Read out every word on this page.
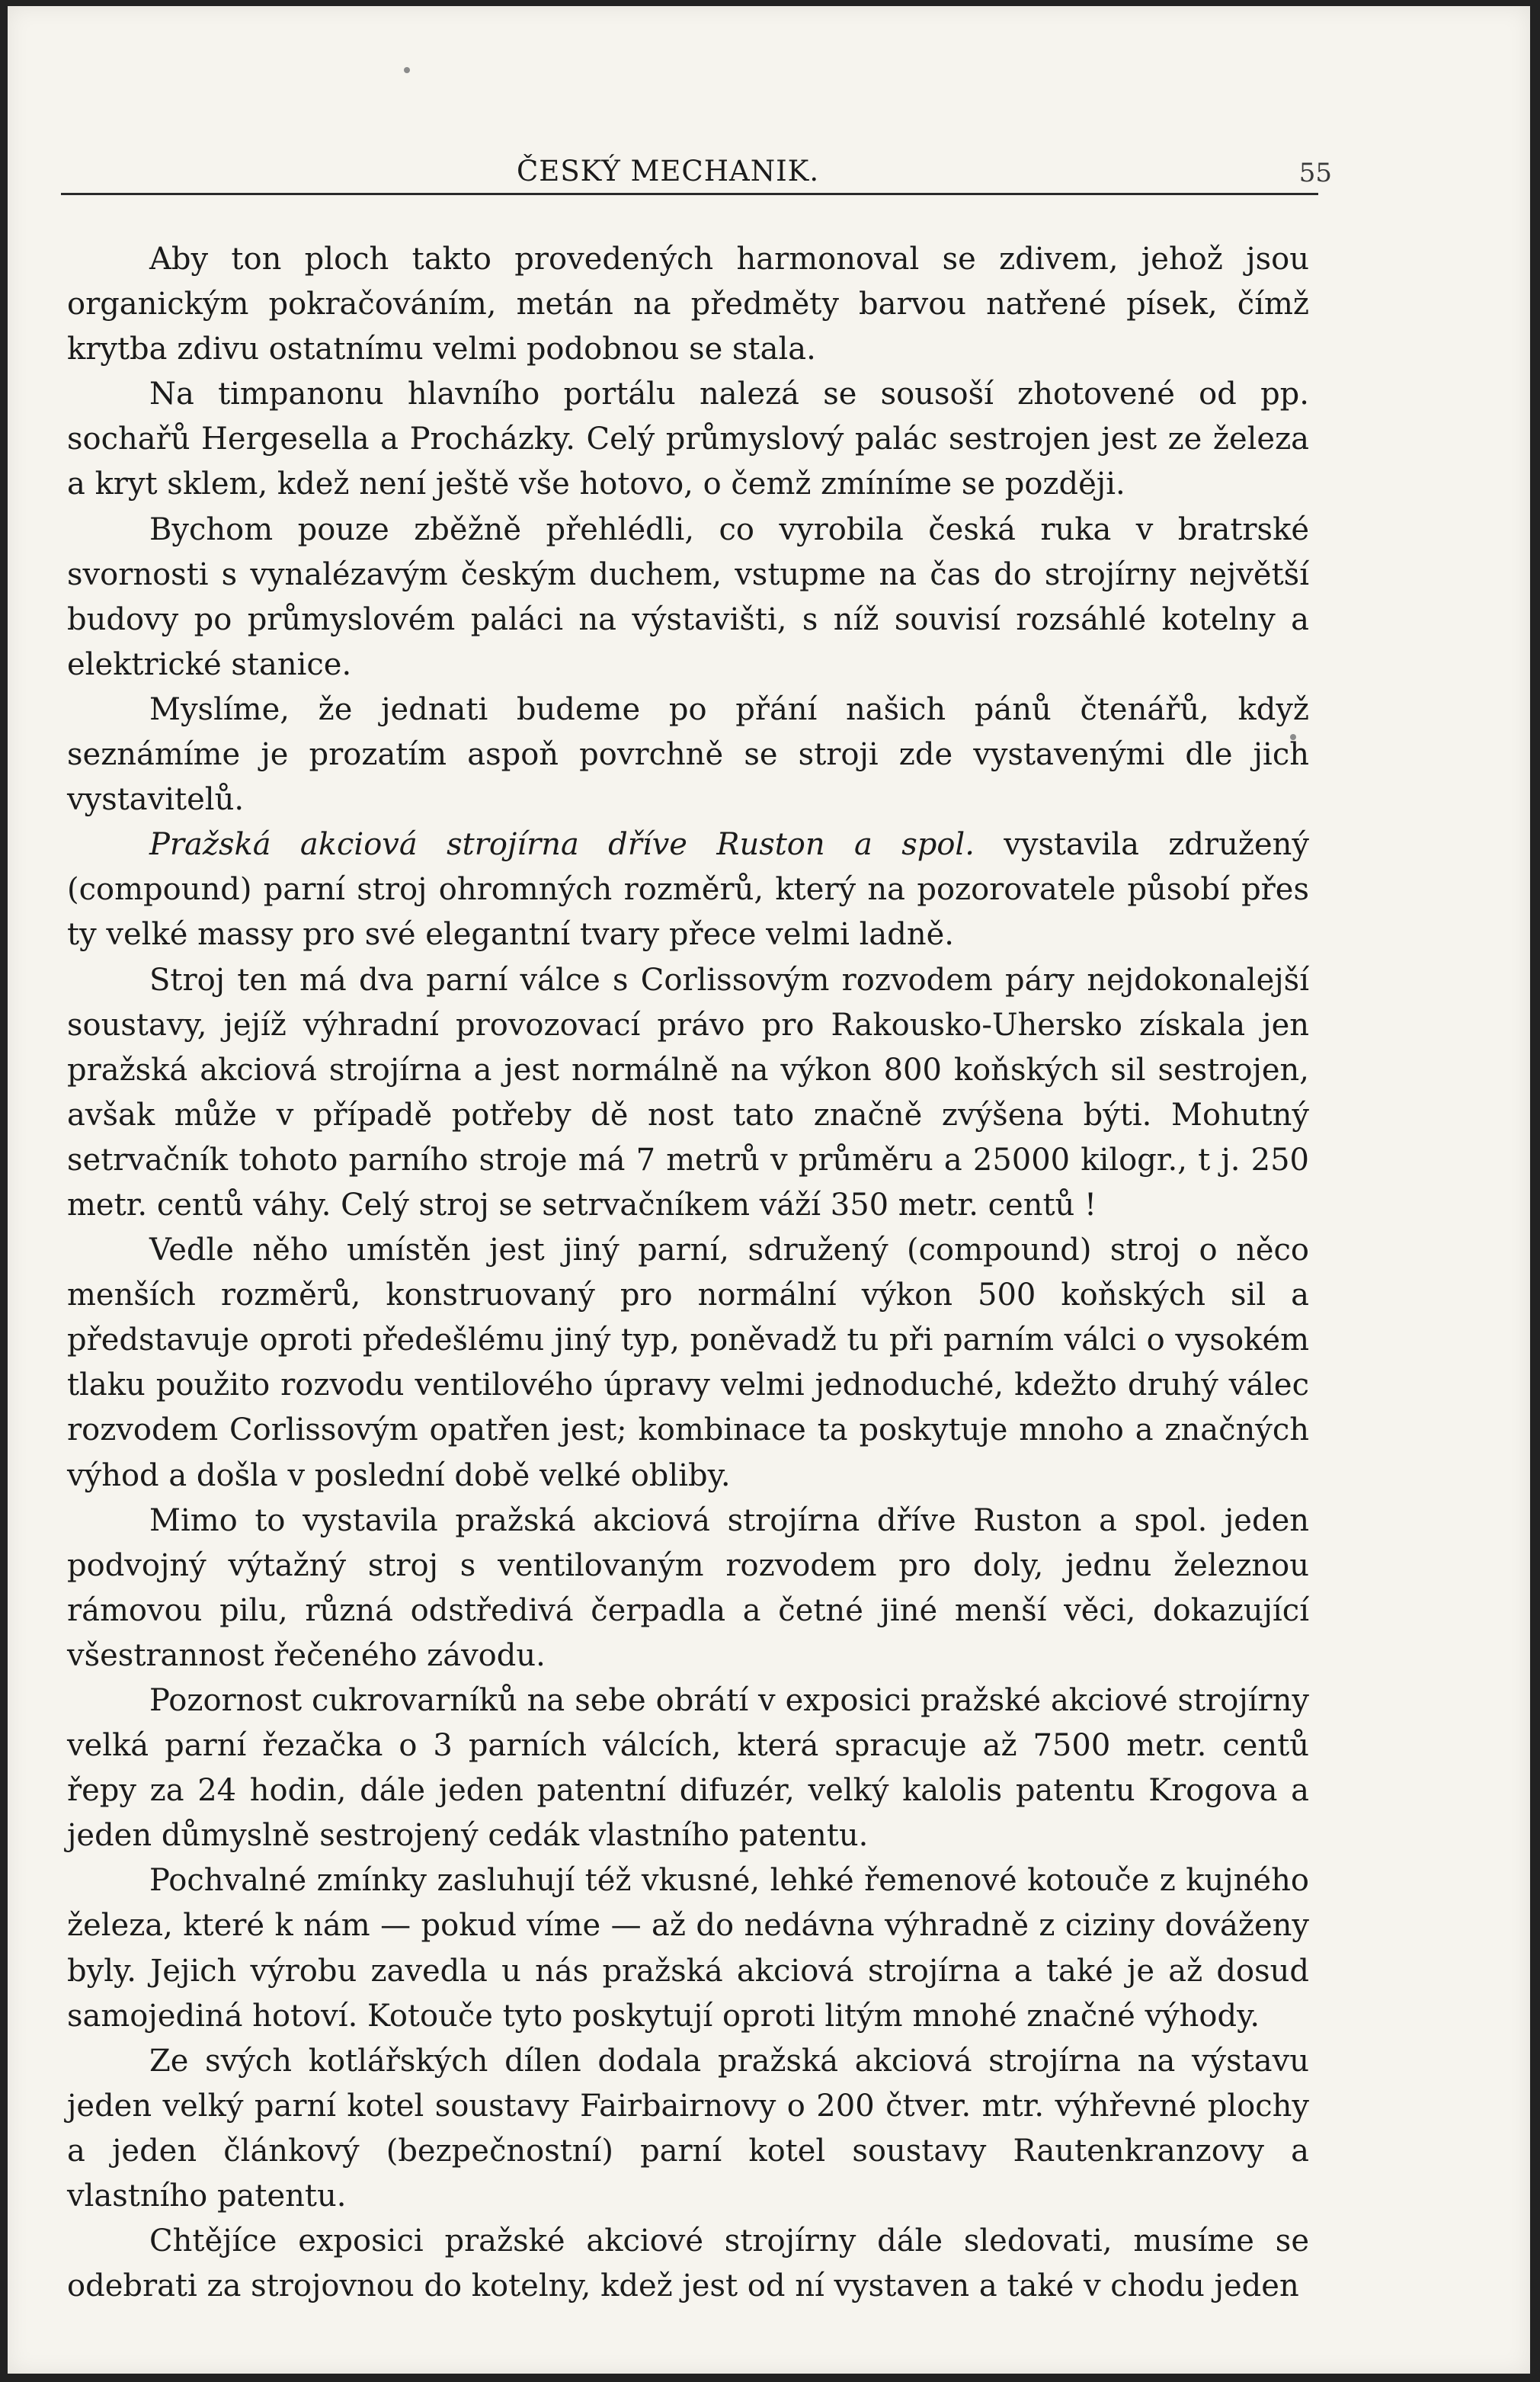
ČESKÝ MECHANIK.	55

Aby ton ploch takto provedených harmonoval se zdivem, jehož jsou organickým pokračováním, metán na předměty barvou natřené písek, čímž krytba zdivu ostatnímu velmi podobnou se stala.

Na timpanonu hlavního portálu nalezá se sousoší zhotovené od pp. sochařů Hergesella a Procházky. Celý průmyslový palác sestrojen jest ze železa a kryt sklem, kdež není ještě vše hotovo, o čemž zmíníme se později.

Bychom pouze zběžně přehlédli, co vyrobila česká ruka v bratrské svornosti s vynalézavým českým duchem, vstupme na čas do strojírny největší budovy po průmyslovém paláci na výstavišti, s níž souvisí rozsáhlé kotelny a elektrické stanice.

Myslíme, že jednati budeme po přání našich pánů čtenářů, když seznámíme je prozatím aspoň povrchně se stroji zde vystavenými dle jich vystavitelů.

Pražská akciová strojírna dříve Ruston a spol. vystavila združený (compound) parní stroj ohromných rozměrů, který na pozorovatele působí přes ty velké massy pro své elegantní tvary přece velmi ladně.

Stroj ten má dva parní válce s Corlissovým rozvodem páry nejdokonalejší soustavy, jejíž výhradní provozovací právo pro Rakousko-Uhersko získala jen pražská akciová strojírna a jest normálně na výkon 800 koňských sil sestrojen, avšak může v případě potřeby dě nost tato značně zvýšena býti. Mohutný setrvačník tohoto parního stroje má 7 metrů v průměru a 25000 kilogr., t j. 250 metr. centů váhy. Celý stroj se setrvačníkem váží 350 metr. centů !

Vedle něho umístěn jest jiný parní, sdružený (compound) stroj o něco menších rozměrů, konstruovaný pro normální výkon 500 koňských sil a představuje oproti předešlému jiný typ, poněvadž tu při parním válci o vysokém tlaku použito rozvodu ventilového úpravy velmi jednoduché, kdežto druhý válec rozvodem Corlissovým opatřen jest; kombinace ta poskytuje mnoho a značných výhod a došla v poslední době velké obliby.

Mimo to vystavila pražská akciová strojírna dříve Ruston a spol. jeden podvojný výtažný stroj s ventilovaným rozvodem pro doly, jednu železnou rámovou pilu, různá odstředivá čerpadla a četné jiné menší věci, dokazující všestrannost řečeného závodu.

Pozornost cukrovarníků na sebe obrátí v exposici pražské akciové strojírny velká parní řezačka o 3 parních válcích, která spracuje až 7500 metr. centů řepy za 24 hodin, dále jeden patentní difuzér, velký kalolis patentu Krogova a jeden důmyslně sestrojený cedák vlastního patentu.

Pochvalné zmínky zasluhují též vkusné, lehké řemenové kotouče z kujného železa, které k nám — pokud víme — až do nedávna výhradně z ciziny dováženy byly. Jejich výrobu zavedla u nás pražská akciová strojírna a také je až dosud samojediná hotoví. Kotouče tyto poskytují oproti litým mnohé značné výhody.

Ze svých kotlářských dílen dodala pražská akciová strojírna na výstavu jeden velký parní kotel soustavy Fairbairnovy o 200 čtver. mtr. výhřevné plochy a jeden článkový (bezpečnostní) parní kotel soustavy Rautenkranzovy a vlastního patentu.

Chtějíce exposici pražské akciové strojírny dále sledovati, musíme se odebrati za strojovnou do kotelny, kdež jest od ní vystaven a také v chodu jeden
